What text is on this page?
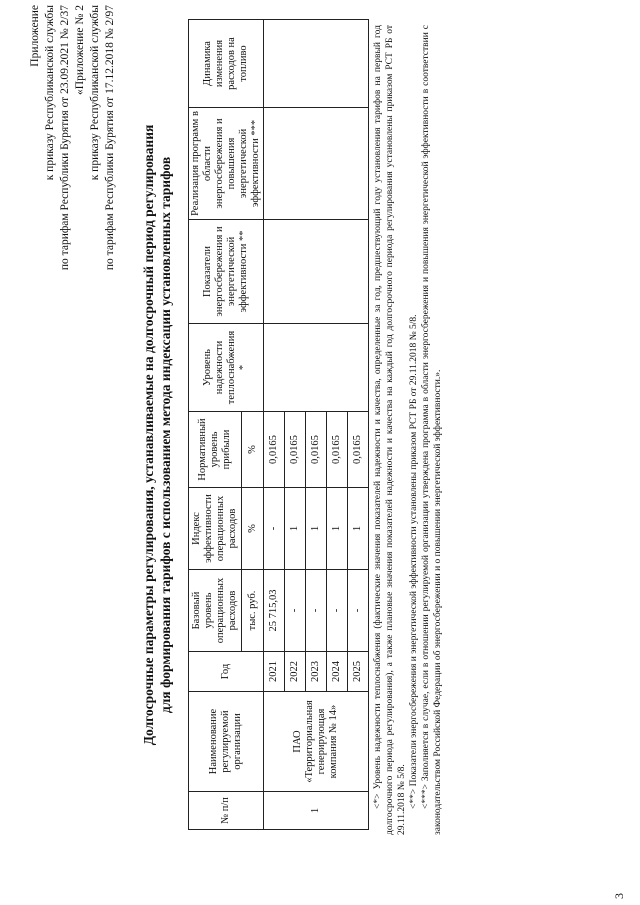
Приложение к приказу Республиканской службы по тарифам Республики Бурятия от 23.09.2021 № 2/37 «Приложение № 2 к приказу Республиканской службы по тарифам Республики Бурятия от 17.12.2018 № 2/97 Долгосрочные параметры регулирования, устанавливаемые на долгосрочный период регулирования для формирования тарифов с использованием метода индексации установленных тарифов
№ п/п	Наименование регулируемой организации	Год	Базовый уровень операционных расходов	Индекс эффективности операционных расходов	Нормативный уровень прибыли	Уровень надежности теплоснабжения *	Показатели энергосбережения и энергетической эффективности **	Реализация программ в области энергосбережения и повышения энергетической эффективности ***	Динамика изменения расходов на топливо
			тыс. руб.	%	%				
1	ПАО «Территориальная генерирующая компания № 14»	2021	25 715,03	-	0,0165				
		2022	-	1	0,0165				
		2023	-	1	0,0165				
		2024	-	1	0,0165				
		2025	-	1	0,0165				<*> Уровень надежности теплоснабжения (фактические значения показателей надежности и качества, определенные за год, предшествующий году установления тарифов на первый год долгосрочного периода регулирования), а также плановые значения показателей надежности и качества на каждый год долгосрочного периода регулирования установлены приказом РСТ РБ от 29.11.2018 № 5/8. <**> Показатели энергосбережения и энергетической эффективности установлены приказом РСТ РБ от 29.11.2018 № 5/8. <***> Заполняется в случае, если в отношении регулируемой организации утверждена программа в области энергосбережения и повышения энергетической эффективности в соответствии с законодательством Российской Федерации об энергосбережении и о повышении энергетической эффективности.».

3
